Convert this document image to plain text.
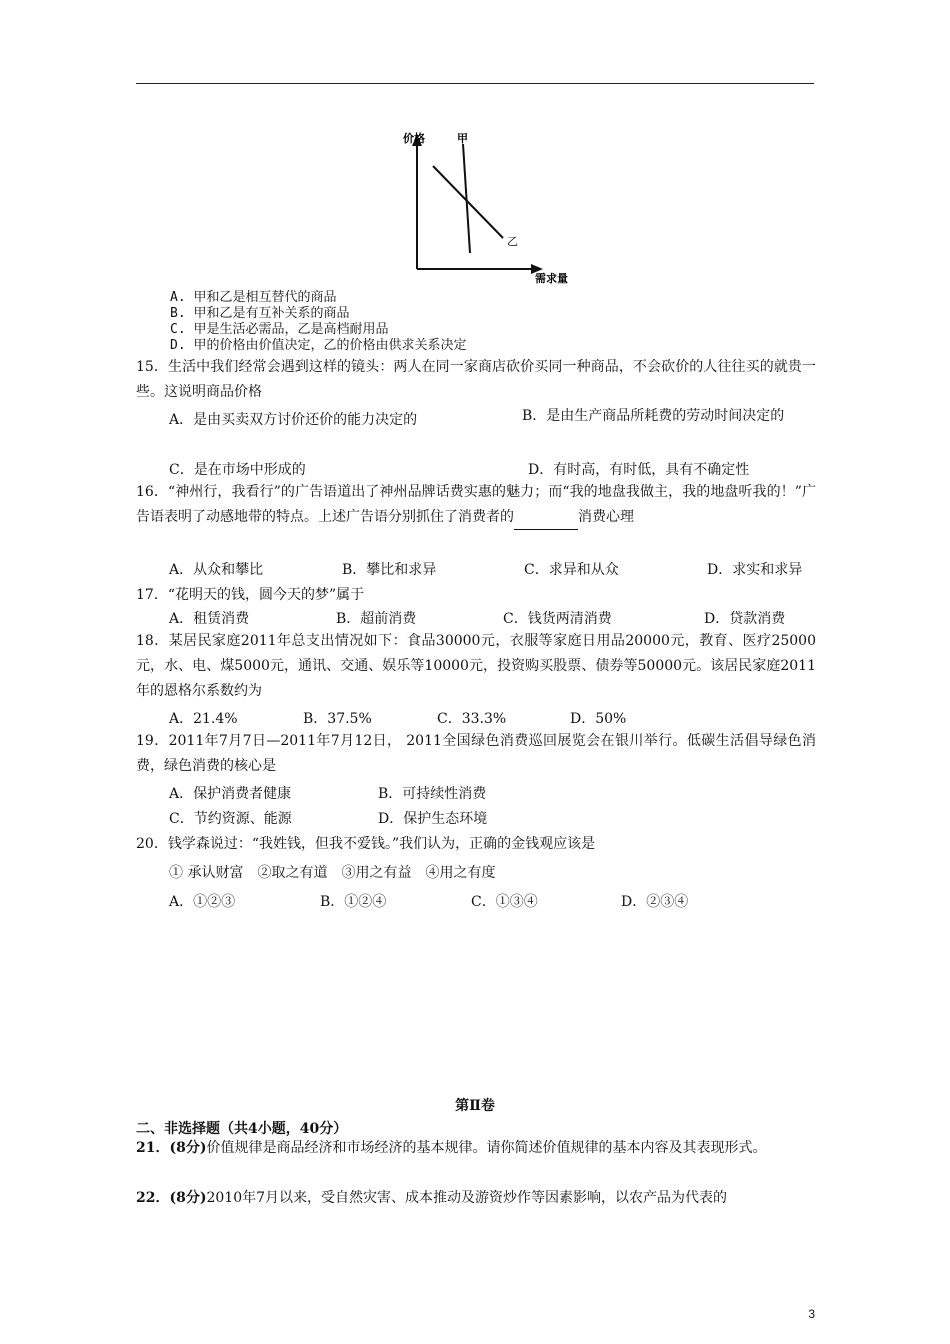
价格	甲
乙
需求量
A. 甲和乙是相互替代的商品
B. 甲和乙是有互补关系的商品
C. 甲是生活必需品，乙是高档耐用品
D. 甲的价格由价值决定，乙的价格由供求关系决定
15．生活中我们经常会遇到这样的镜头：两人在同一家商店砍价买同一种商品，不会砍价的人往往买的就贵一些。这说明商品价格
A．是由买卖双方讨价还价的能力决定的	B．是由生产商品所耗费的劳动时间决定的
C．是在市场中形成的	D．有时高，有时低，具有不确定性
16．“神州行，我看行”的广告语道出了神州品牌话费实惠的魅力；而“我的地盘我做主，我的地盘听我的！”广告语表明了动感地带的特点。上述广告语分别抓住了消费者的	消费心理
A．从众和攀比	B．攀比和求异	C．求异和从众	D．求实和求异
17．“花明天的钱，圆今天的梦”属于
A．租赁消费	B．超前消费	C．钱货两清消费	D．贷款消费
18．某居民家庭2011年总支出情况如下：食品30000元，衣服等家庭日用品20000元，教育、医疗25000元，水、电、煤5000元，通讯、交通、娱乐等10000元，投资购买股票、债券等50000元。该居民家庭2011年的恩格尔系数约为
A．21.4%	B．37.5%	C．33.3%	D．50%
19．2011年7月7日—2011年7月12日， 2011全国绿色消费巡回展览会在银川举行。低碳生活倡导绿色消费，绿色消费的核心是
A．保护消费者健康	B．可持续性消费
C．节约资源、能源	D．保护生态环境
20．钱学森说过：“我姓钱，但我不爱钱。”我们认为，正确的金钱观应该是
① 承认财富　②取之有道　③用之有益　④用之有度
A．①②③	B．①②④	C．①③④	D．②③④
第Ⅱ卷
二、非选择题（共4小题，40分）
21．(8分)价值规律是商品经济和市场经济的基本规律。请你简述价值规律的基本内容及其表现形式。
22．(8分)2010年7月以来，受自然灾害、成本推动及游资炒作等因素影响，以农产品为代表的
3
